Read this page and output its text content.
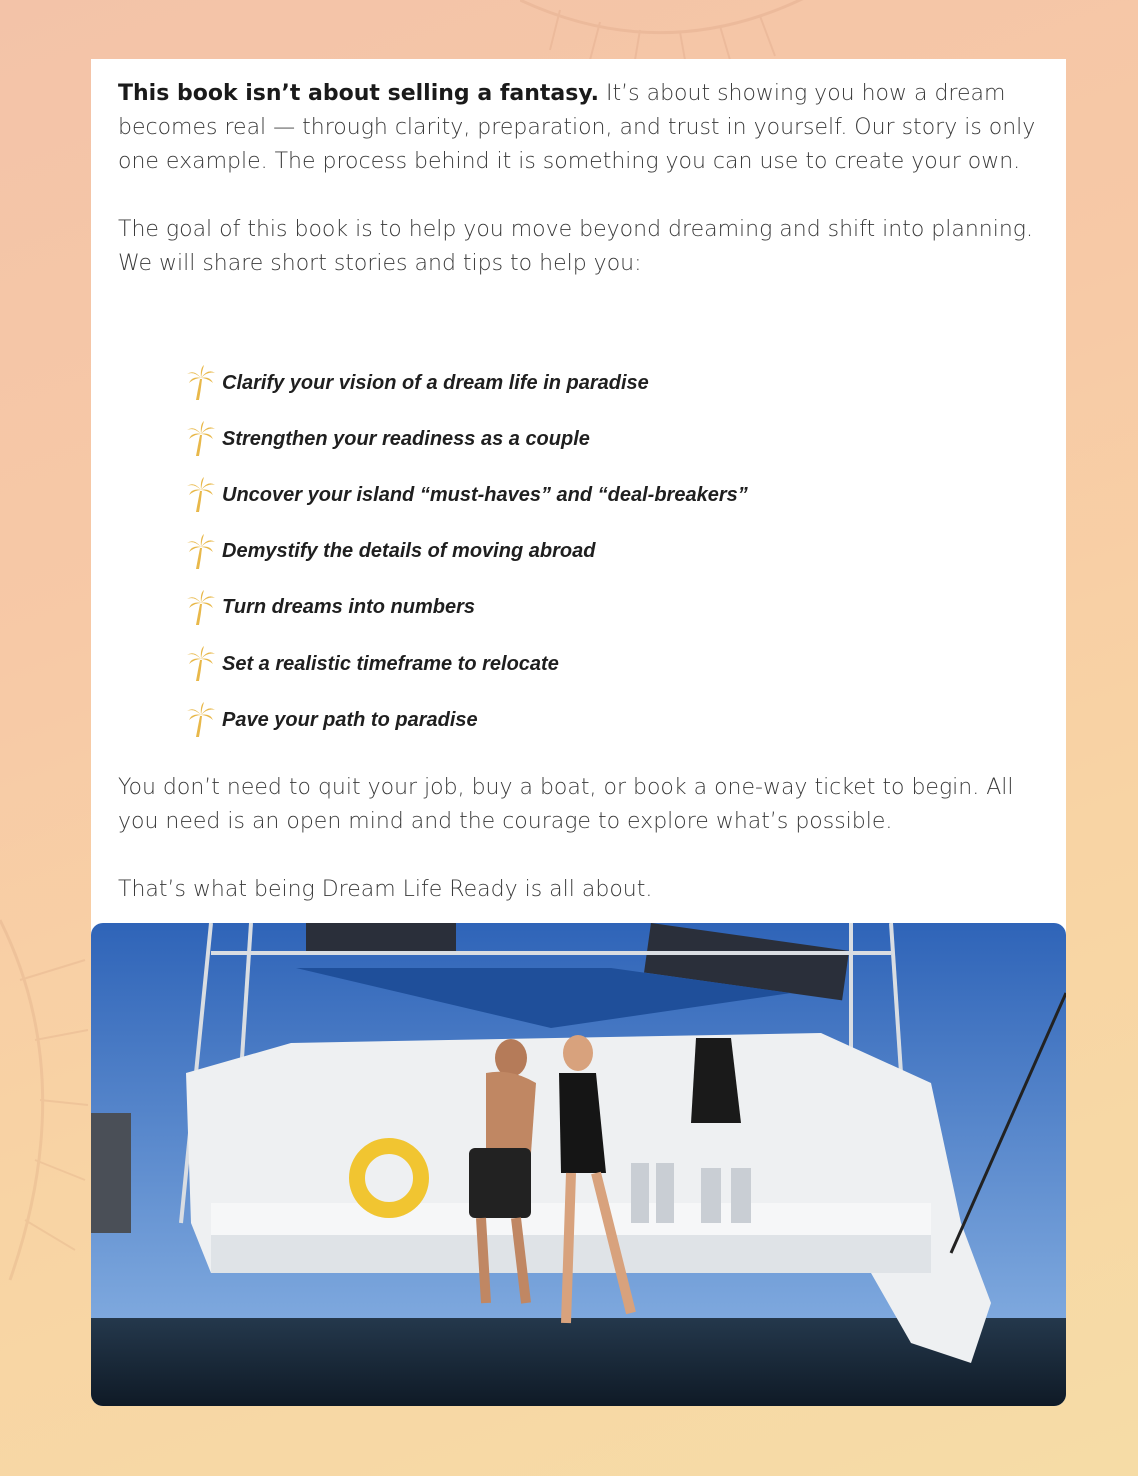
This book isn’t about selling a fantasy. It’s about showing you how a dream becomes real — through clarity, preparation, and trust in yourself. Our story is only one example. The process behind it is something you can use to create your own.

The goal of this book is to help you move beyond dreaming and shift into planning. We will share short stories and tips to help you:

Clarify your vision of a dream life in paradise
Strengthen your readiness as a couple
Uncover your island “must-haves” and “deal-breakers”
Demystify the details of moving abroad
Turn dreams into numbers
Set a realistic timeframe to relocate
Pave your path to paradise

You don’t need to quit your job, buy a boat, or book a one-way ticket to begin. All you need is an open mind and the courage to explore what’s possible.

That’s what being Dream Life Ready is all about.
